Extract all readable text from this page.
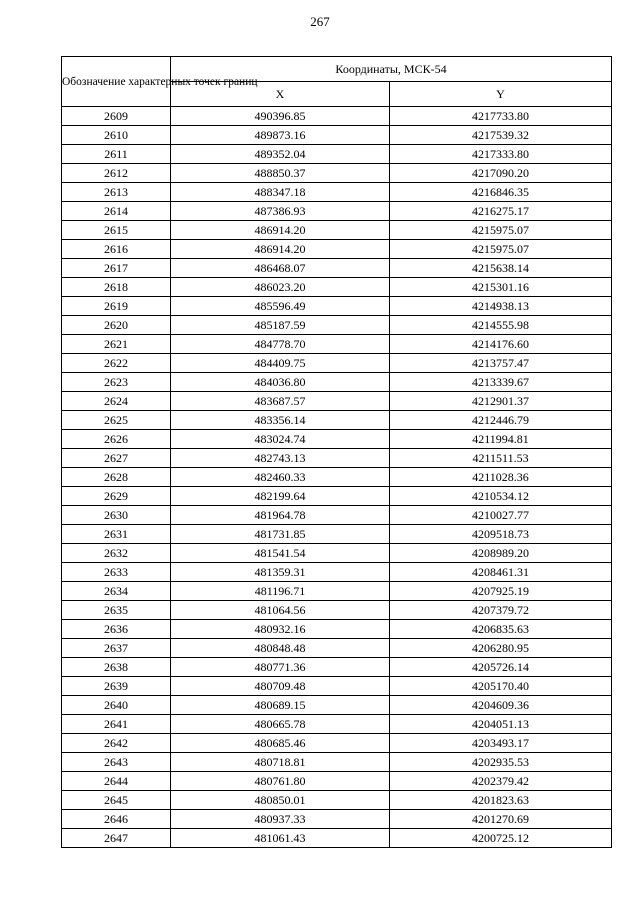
267
Обозначение характерных точек границ	Координаты, МСК-54	
	X	Y
2609	490396.85	4217733.80
2610	489873.16	4217539.32
2611	489352.04	4217333.80
2612	488850.37	4217090.20
2613	488347.18	4216846.35
2614	487386.93	4216275.17
2615	486914.20	4215975.07
2616	486914.20	4215975.07
2617	486468.07	4215638.14
2618	486023.20	4215301.16
2619	485596.49	4214938.13
2620	485187.59	4214555.98
2621	484778.70	4214176.60
2622	484409.75	4213757.47
2623	484036.80	4213339.67
2624	483687.57	4212901.37
2625	483356.14	4212446.79
2626	483024.74	4211994.81
2627	482743.13	4211511.53
2628	482460.33	4211028.36
2629	482199.64	4210534.12
2630	481964.78	4210027.77
2631	481731.85	4209518.73
2632	481541.54	4208989.20
2633	481359.31	4208461.31
2634	481196.71	4207925.19
2635	481064.56	4207379.72
2636	480932.16	4206835.63
2637	480848.48	4206280.95
2638	480771.36	4205726.14
2639	480709.48	4205170.40
2640	480689.15	4204609.36
2641	480665.78	4204051.13
2642	480685.46	4203493.17
2643	480718.81	4202935.53
2644	480761.80	4202379.42
2645	480850.01	4201823.63
2646	480937.33	4201270.69
2647	481061.43	4200725.12
